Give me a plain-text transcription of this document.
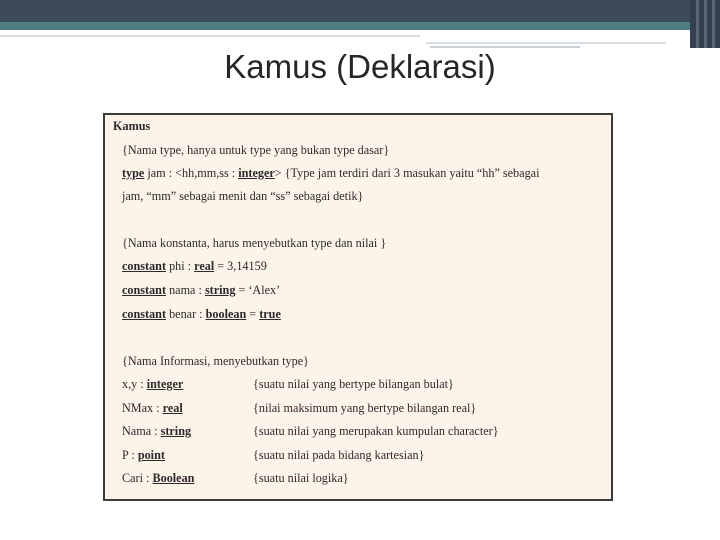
Kamus (Deklarasi)
Kamus
{Nama type, hanya untuk type yang bukan type dasar}
type jam : <hh,mm,ss : integer> {Type jam terdiri dari 3 masukan yaitu “hh” sebagai
jam, “mm” sebagai menit dan “ss” sebagai detik}
{Nama konstanta, harus menyebutkan type dan nilai }
constant phi : real = 3,14159
constant nama : string = ‘Alex’
constant benar : boolean = true
{Nama Informasi, menyebutkan type}
x,y : integer	{suatu nilai yang bertype bilangan bulat}
NMax : real	{nilai maksimum yang bertype bilangan real}
Nama : string	{suatu nilai yang merupakan kumpulan character}
P : point	{suatu nilai pada bidang kartesian}
Cari : Boolean	{suatu nilai logika}
